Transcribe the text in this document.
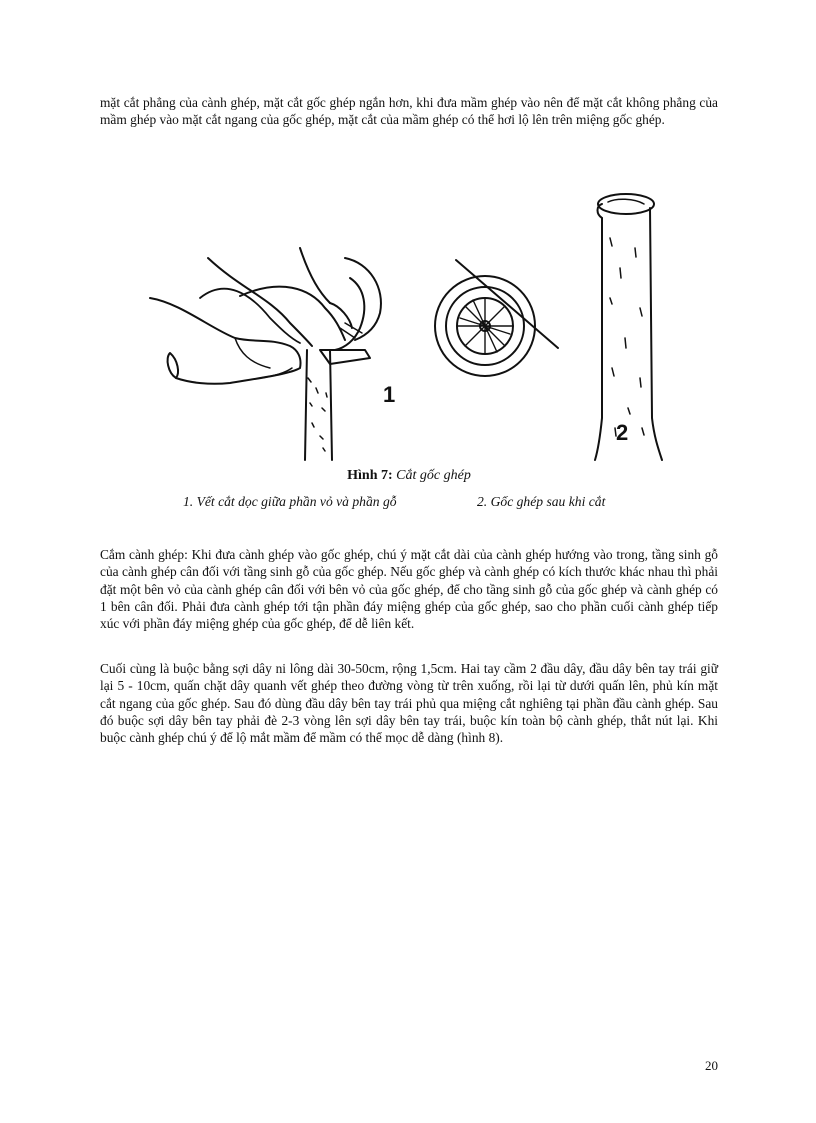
mặt cắt phẳng của cành ghép, mặt cắt gốc ghép ngắn hơn, khi đưa mầm ghép vào nên để mặt cắt không phẳng của mầm ghép vào mặt cắt ngang của gốc ghép, mặt cắt của mầm ghép có thể hơi lộ lên trên miệng gốc ghép.

1
2
Hình 7: Cắt gốc ghép
1. Vết cắt dọc giữa phần vỏ và phần gỗ	2. Gốc ghép sau khi cắt

Cắm cành ghép: Khi đưa cành ghép vào gốc ghép, chú ý mặt cắt dài của cành ghép hướng vào trong, tầng sinh gỗ của cành ghép cân đối với tầng sinh gỗ của gốc ghép. Nếu gốc ghép và cành ghép có kích thước khác nhau thì phải đặt một bên vỏ của cành ghép cân đối với bên vỏ của gốc ghép, để cho tầng sinh gỗ của gốc ghép và cành ghép có 1 bên cân đối. Phải đưa cành ghép tới tận phần đáy miệng ghép của gốc ghép, sao cho phần cuối cành ghép tiếp xúc với phần đáy miệng ghép của gốc ghép, để dễ liên kết.

Cuối cùng là buộc bằng sợi dây ni lông dài 30-50cm, rộng 1,5cm. Hai tay cầm 2 đầu dây, đầu dây bên tay trái giữ lại 5 - 10cm, quấn chặt dây quanh vết ghép theo đường vòng từ trên xuống, rồi lại từ dưới quấn lên, phủ kín mặt cắt ngang của gốc ghép. Sau đó dùng đầu dây bên tay trái phủ qua miệng cắt nghiêng tại phần đầu cành ghép. Sau đó buộc sợi dây bên tay phải đè 2-3 vòng lên sợi dây bên tay trái, buộc kín toàn bộ cành ghép, thắt nút lại. Khi buộc cành ghép chú ý để lộ mắt mầm để mầm có thể mọc dễ dàng (hình 8).

20
